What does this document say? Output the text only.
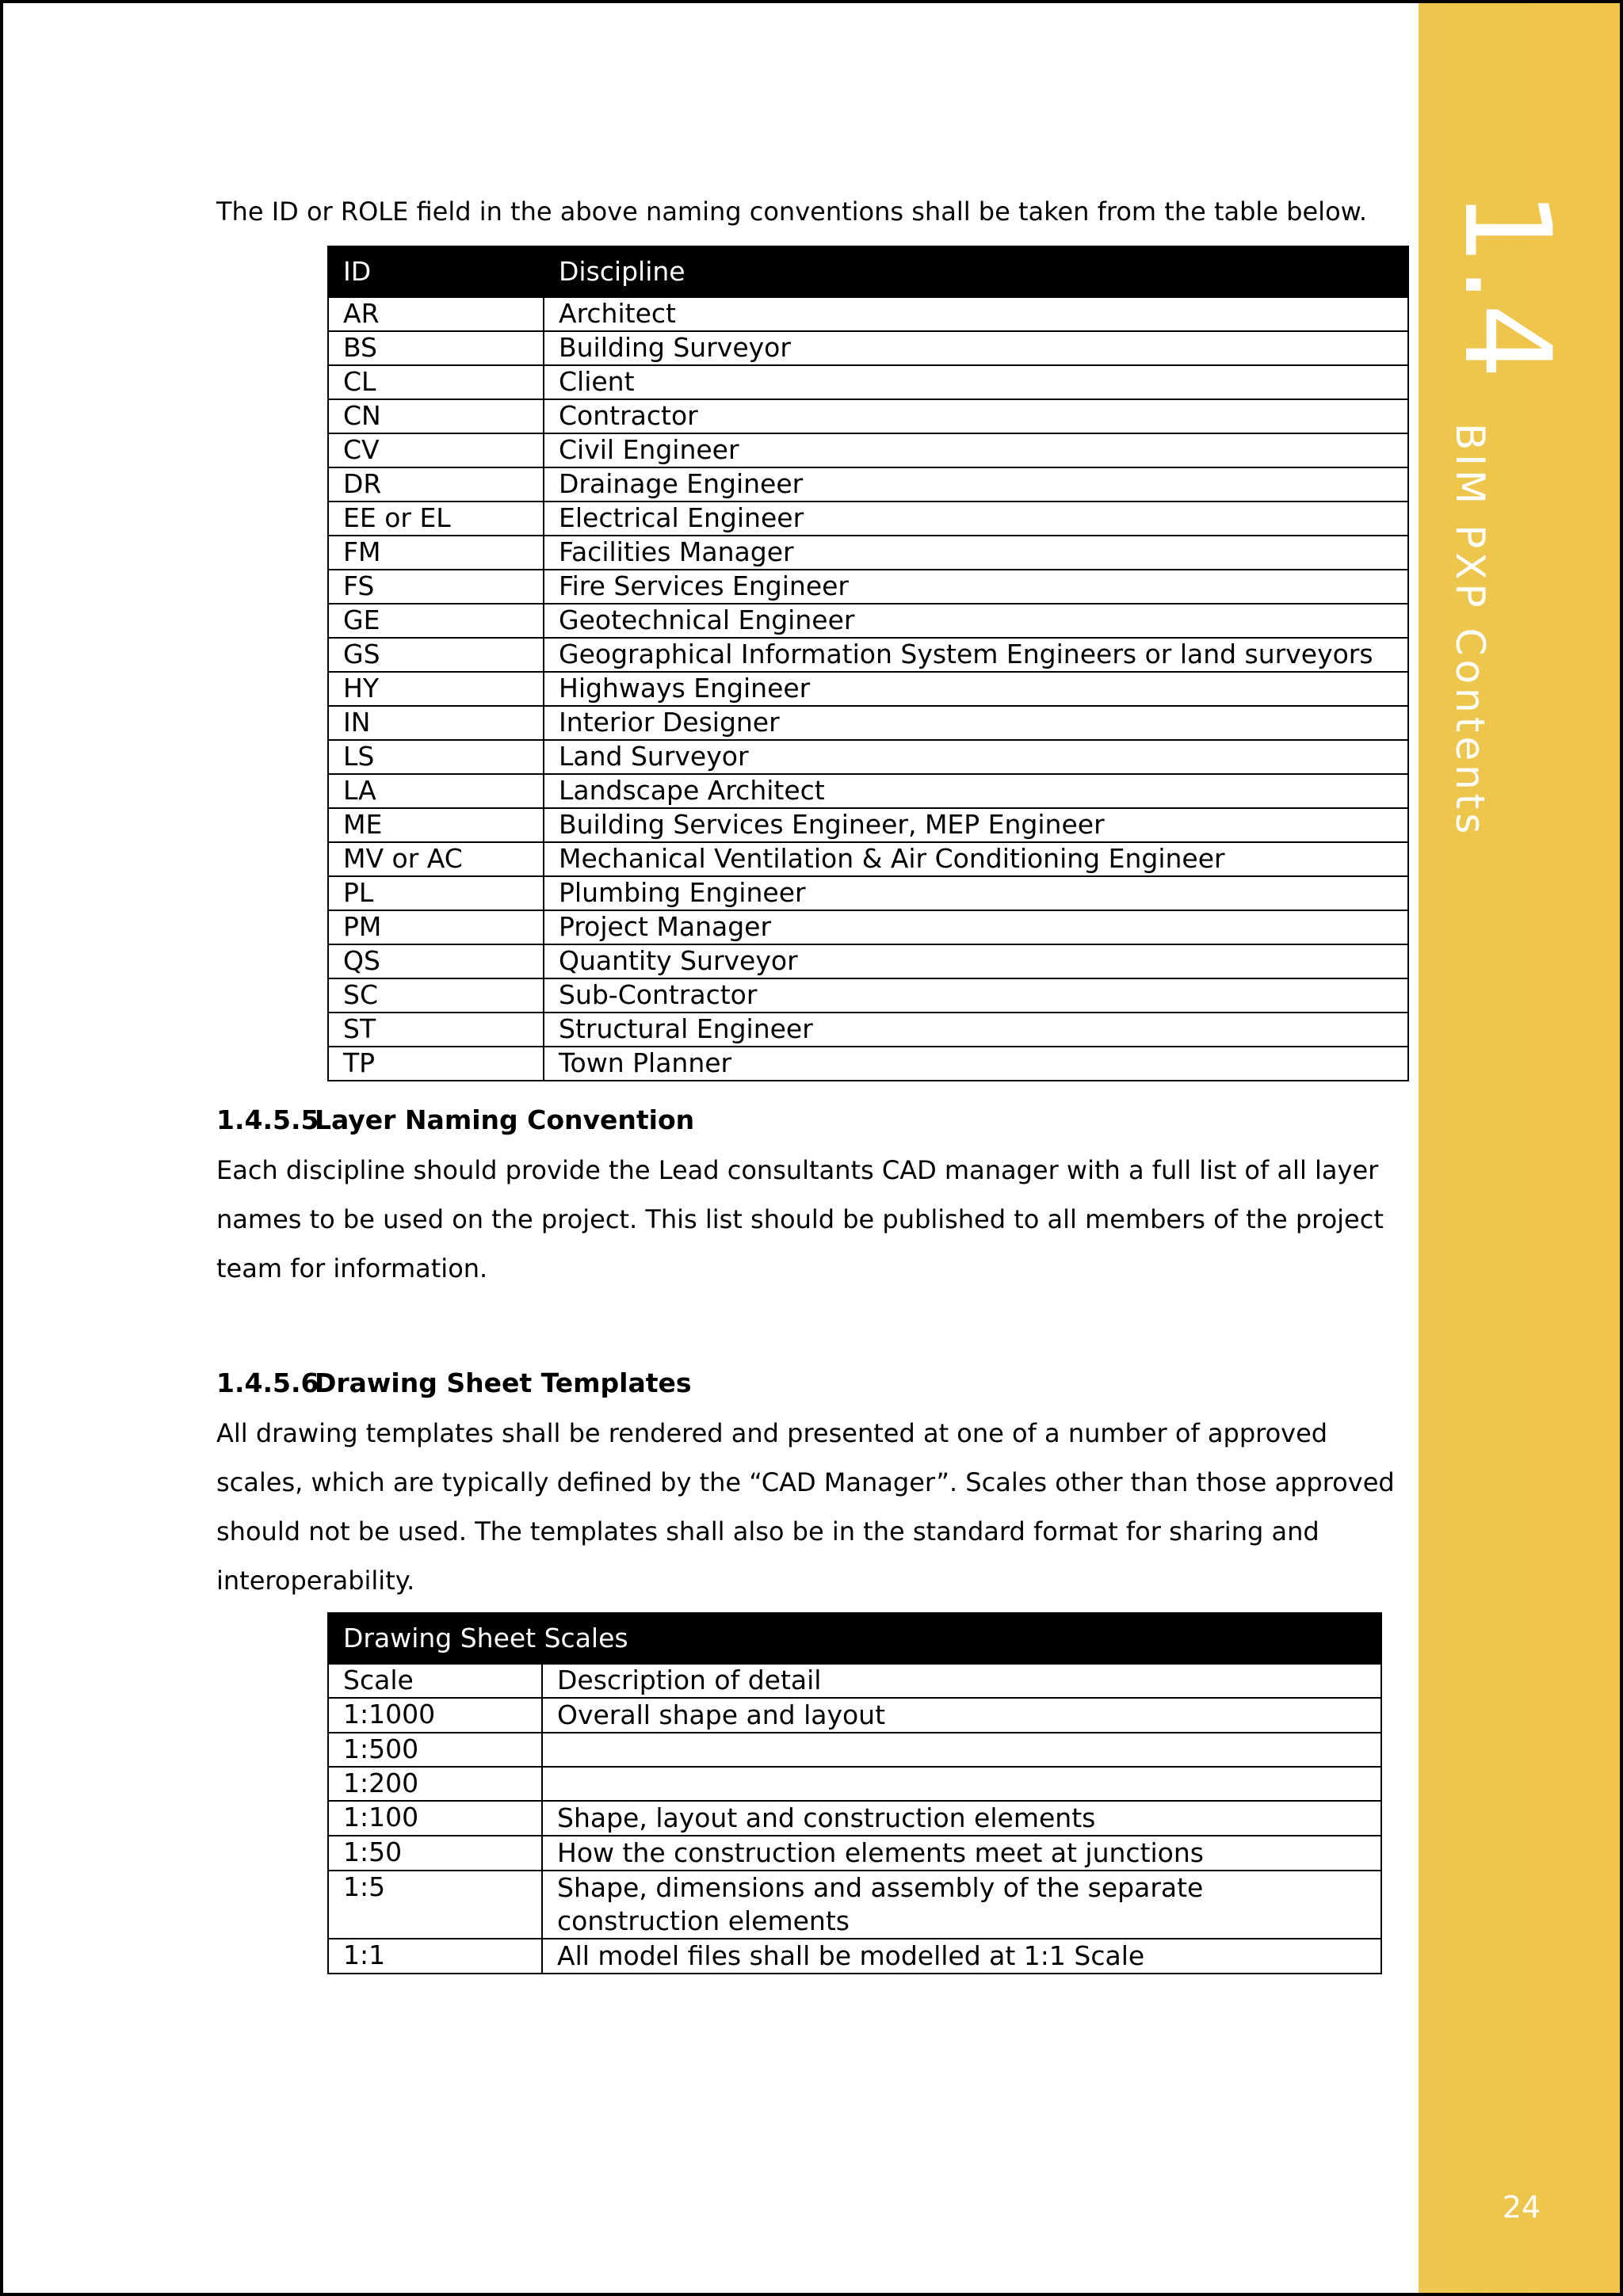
1.4
BIM PXP Contents
24
The ID or ROLE field in the above naming conventions shall be taken from the table below.
ID	Discipline
AR	Architect
BS	Building Surveyor
CL	Client
CN	Contractor
CV	Civil Engineer
DR	Drainage Engineer
EE or EL	Electrical Engineer
FM	Facilities Manager
FS	Fire Services Engineer
GE	Geotechnical Engineer
GS	Geographical Information System Engineers or land surveyors
HY	Highways Engineer
IN	Interior Designer
LS	Land Surveyor
LA	Landscape Architect
ME	Building Services Engineer, MEP Engineer
MV or AC	Mechanical Ventilation & Air Conditioning Engineer
PL	Plumbing Engineer
PM	Project Manager
QS	Quantity Surveyor
SC	Sub-Contractor
ST	Structural Engineer
TP	Town Planner
1.4.5.5Layer Naming Convention
Each discipline should provide the Lead consultants CAD manager with a full list of all layer names to be used on the project. This list should be published to all members of the project team for information.
1.4.5.6Drawing Sheet Templates
All drawing templates shall be rendered and presented at one of a number of approved scales, which are typically defined by the “CAD Manager”. Scales other than those approved should not be used. The templates shall also be in the standard format for sharing and interoperability.
Drawing Sheet Scales	
Scale	Description of detail
1:1000	Overall shape and layout
1:500	
1:200	
1:100	Shape, layout and construction elements
1:50	How the construction elements meet at junctions
1:5	Shape, dimensions and assembly of the separate construction elements
1:1	All model files shall be modelled at 1:1 Scale
